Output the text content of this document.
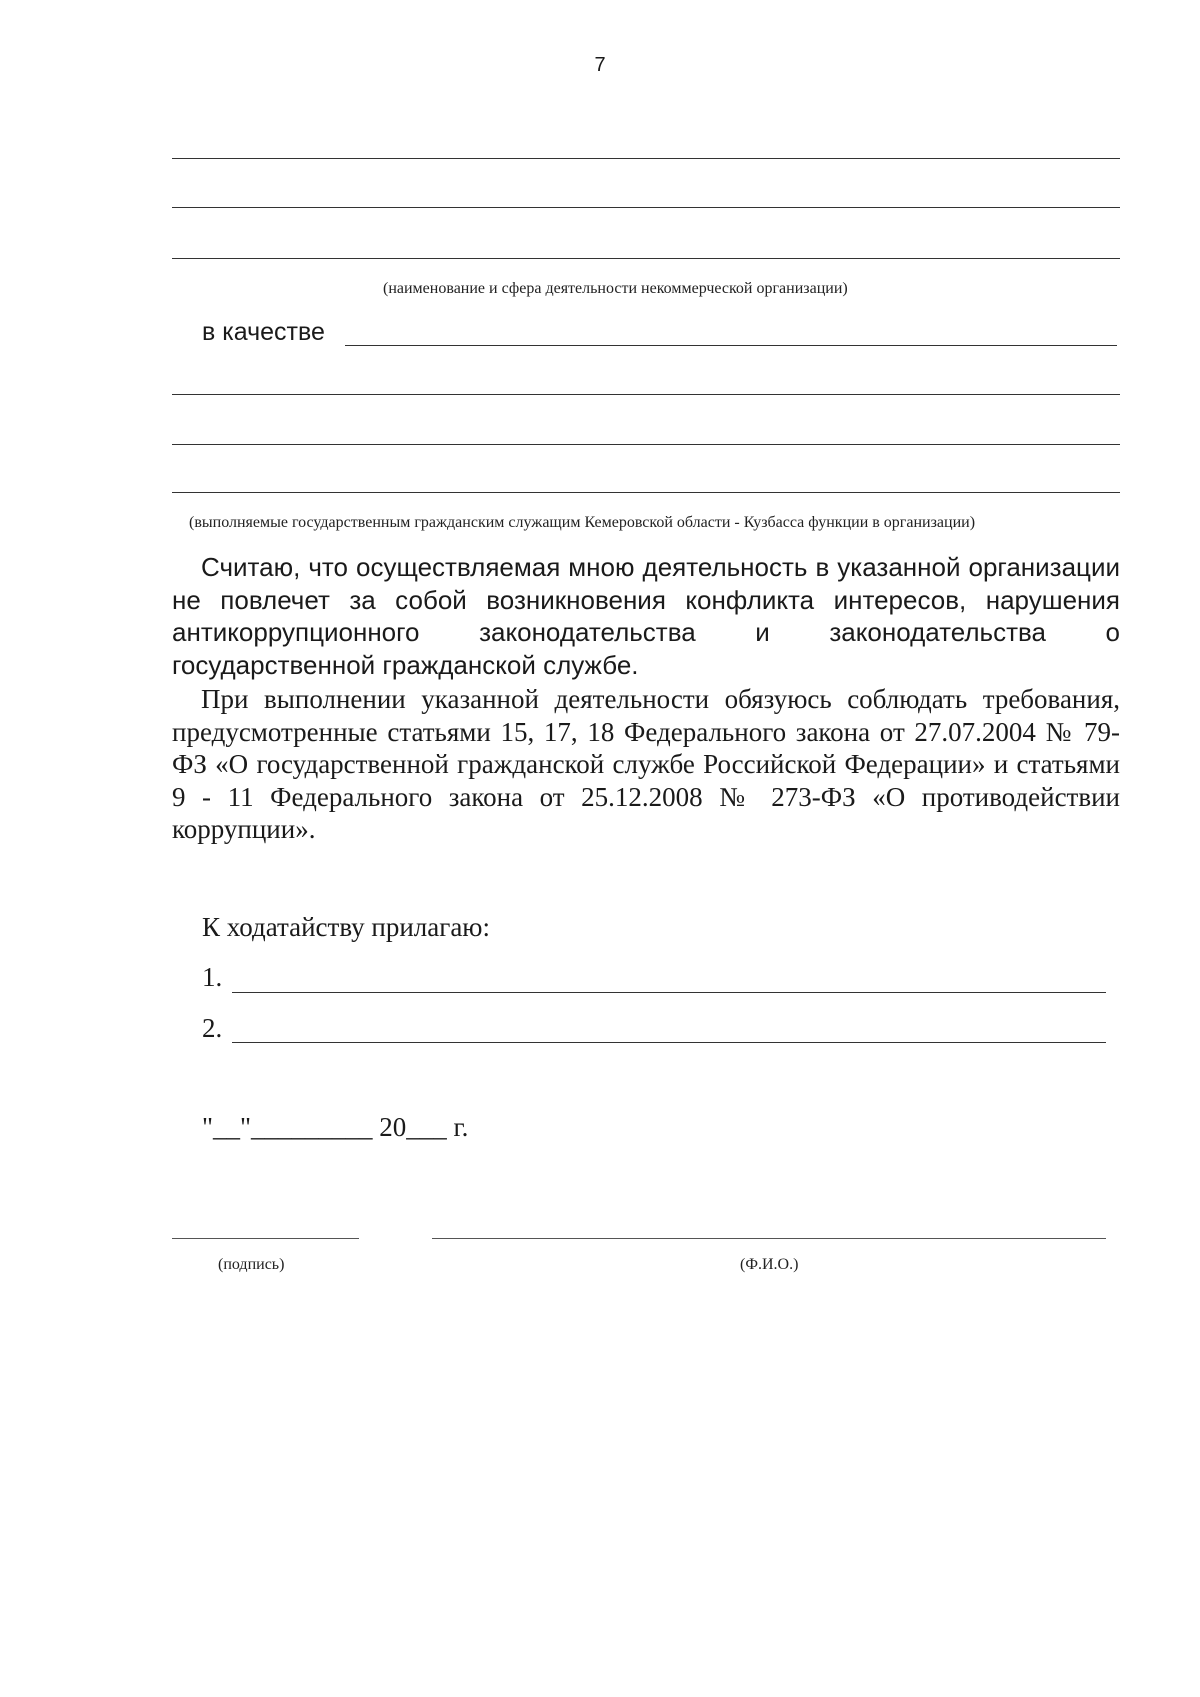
7
(наименование и сфера деятельности некоммерческой организации)
в качестве
(выполняемые государственным гражданским служащим Кемеровской области - Кузбасса функции в организации)

Считаю, что осуществляемая мною деятельность в указанной организации не повлечет за собой возникновения конфликта интересов, нарушения антикоррупционного законодательства и законодательства о государственной гражданской службе.

При выполнении указанной деятельности обязуюсь соблюдать требования, предусмотренные статьями 15, 17, 18 Федерального закона от 27.07.2004 № 79-ФЗ «О государственной гражданской службе Российской Федерации» и статьями 9 - 11 Федерального закона от 25.12.2008 № 273-ФЗ «О противодействии коррупции».

К ходатайству прилагаю:
1.
2.
"__"_________ 20___ г.
(подпись)	(Ф.И.О.)
